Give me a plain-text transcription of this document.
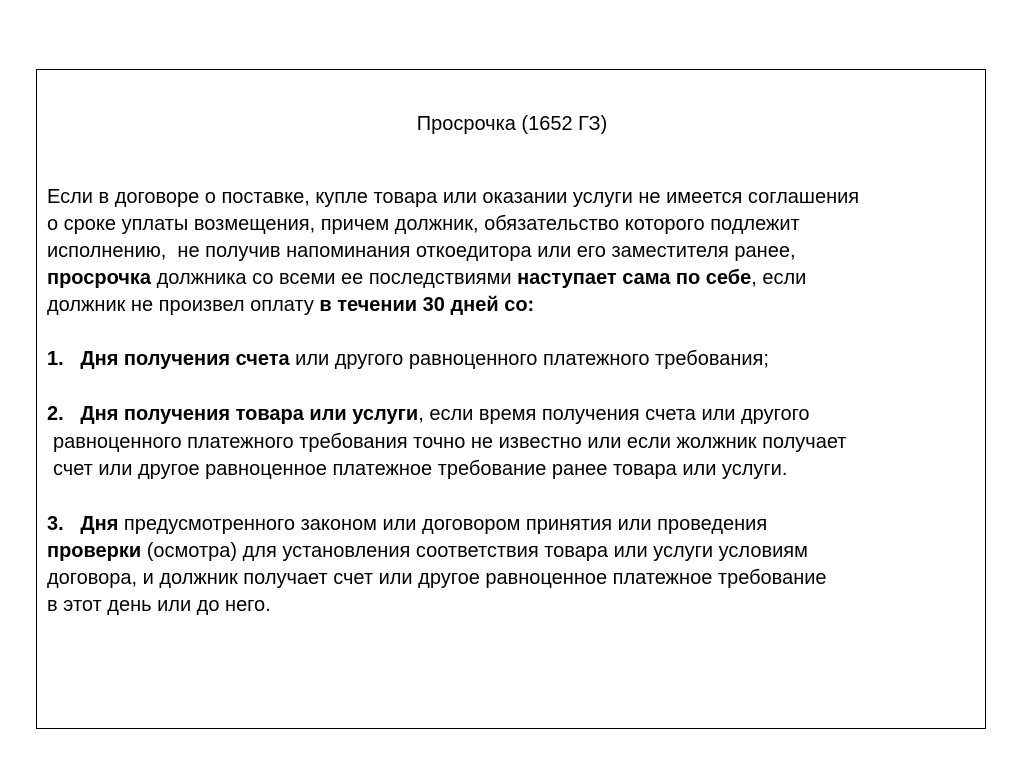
Просрочка (1652 ГЗ)
Если в договоре о поставке, купле товара или оказании услуги не имеется соглашения
о сроке уплаты возмещения, причем должник, обязательство которого подлежит
исполнению,  не получив напоминания откоедитора или его заместителя ранее,
просрочка должника со всеми ее последствиями наступает сама по себе, если
должник не произвел оплату в течении 30 дней со:
1.   Дня получения счета или другого равноценного платежного требования;
2.   Дня получения товара или услуги, если время получения счета или другого
равноценного платежного требования точно не известно или если жолжник получает
счет или другое равноценное платежное требование ранее товара или услуги.
3.   Дня предусмотренного законом или договором принятия или проведения
проверки (осмотра) для установления соответствия товара или услуги условиям
договора, и должник получает счет или другое равноценное платежное требование
в этот день или до него.
